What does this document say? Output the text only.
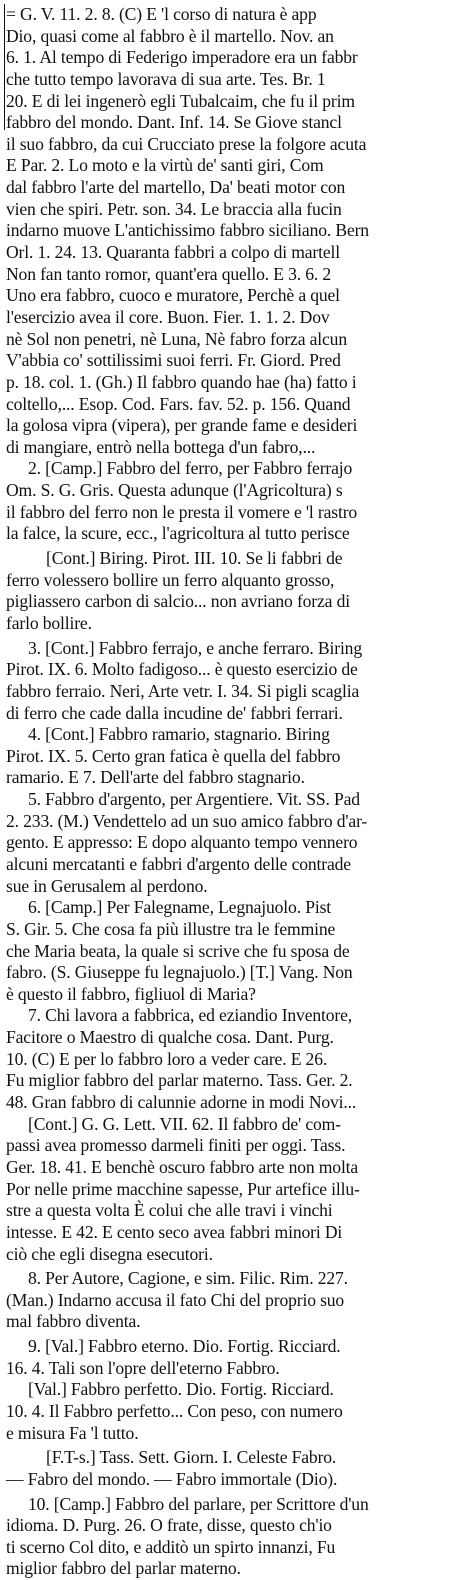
= G. V. 11. 2. 8. (C) E 'l corso di natura è app
Dio, quasi come al fabbro è il martello. Nov. an
6. 1. Al tempo di Federigo imperadore era un fabbr
che tutto tempo lavorava di sua arte. Tes. Br. 1
20. E di lei ingenerò egli Tubalcaim, che fu il prim
fabbro del mondo. Dant. Inf. 14. Se Giove stancl
il suo fabbro, da cui Crucciato prese la folgore acuta
E Par. 2. Lo moto e la virtù de' santi giri, Com
dal fabbro l'arte del martello, Da' beati motor con
vien che spiri. Petr. son. 34. Le braccia alla fucin
indarno muove L'antichissimo fabbro siciliano. Bern
Orl. 1. 24. 13. Quaranta fabbri a colpo di martell
Non fan tanto romor, quant'era quello. E 3. 6. 2
Uno era fabbro, cuoco e muratore, Perchè a quel
l'esercizio avea il core. Buon. Fier. 1. 1. 2. Dov
nè Sol non penetri, nè Luna, Nè fabro forza alcun
V'abbia co' sottilissimi suoi ferri. Fr. Giord. Pred
p. 18. col. 1. (Gh.) Il fabbro quando hae (ha) fatto i
coltello,... Esop. Cod. Fars. fav. 52. p. 156. Quand
la golosa vipra (vipera), per grande fame e desideri
di mangiare, entrò nella bottega d'un fabro,...
2. [Camp.] Fabbro del ferro, per Fabbro ferrajo
Om. S. G. Gris. Questa adunque (l'Agricoltura) s
il fabbro del ferro non le presta il vomere e 'l rastro
la falce, la scure, ecc., l'agricoltura al tutto perisce
[Cont.] Biring. Pirot. III. 10. Se li fabbri de
ferro volessero bollire un ferro alquanto grosso,
pigliassero carbon di salcio... non avriano forza di
farlo bollire.
3. [Cont.] Fabbro ferrajo, e anche ferraro. Biring
Pirot. IX. 6. Molto fadigoso... è questo esercizio de
fabbro ferraio. Neri, Arte vetr. I. 34. Si pigli scaglia
di ferro che cade dalla incudine de' fabbri ferrari.
4. [Cont.] Fabbro ramario, stagnario. Biring
Pirot. IX. 5. Certo gran fatica è quella del fabbro
ramario. E 7. Dell'arte del fabbro stagnario.
5. Fabbro d'argento, per Argentiere. Vit. SS. Pad
2. 233. (M.) Vendettelo ad un suo amico fabbro d'ar-
gento. E appresso: E dopo alquanto tempo vennero
alcuni mercatanti e fabbri d'argento delle contrade
sue in Gerusalem al perdono.
6. [Camp.] Per Falegname, Legnajuolo. Pist
S. Gir. 5. Che cosa fa più illustre tra le femmine
che Maria beata, la quale si scrive che fu sposa de
fabro. (S. Giuseppe fu legnajuolo.) [T.] Vang. Non
è questo il fabbro, figliuol di Maria?
7. Chi lavora a fabbrica, ed eziandio Inventore,
Facitore o Maestro di qualche cosa. Dant. Purg.
10. (C) E per lo fabbro loro a veder care. E 26.
Fu miglior fabbro del parlar materno. Tass. Ger. 2.
48. Gran fabbro di calunnie adorne in modi Novi...
[Cont.] G. G. Lett. VII. 62. Il fabbro de' com-
passi avea promesso darmeli finiti per oggi. Tass.
Ger. 18. 41. E benchè oscuro fabbro arte non molta
Por nelle prime macchine sapesse, Pur artefice illu-
stre a questa volta È colui che alle travi i vinchi
intesse. E 42. E cento seco avea fabbri minori Di
ciò che egli disegna esecutori.
8. Per Autore, Cagione, e sim. Filic. Rim. 227.
(Man.) Indarno accusa il fato Chi del proprio suo
mal fabbro diventa.
9. [Val.] Fabbro eterno. Dio. Fortig. Ricciard.
16. 4. Tali son l'opre dell'eterno Fabbro.
[Val.] Fabbro perfetto. Dio. Fortig. Ricciard.
10. 4. Il Fabbro perfetto... Con peso, con numero
e misura Fa 'l tutto.
[F.T-s.] Tass. Sett. Giorn. I. Celeste Fabro.
— Fabro del mondo. — Fabro immortale (Dio).
10. [Camp.] Fabbro del parlare, per Scrittore d'un
idioma. D. Purg. 26. O frate, disse, questo ch'io
ti scerno Col dito, e additò un spirto innanzi, Fu
miglior fabbro del parlar materno.
